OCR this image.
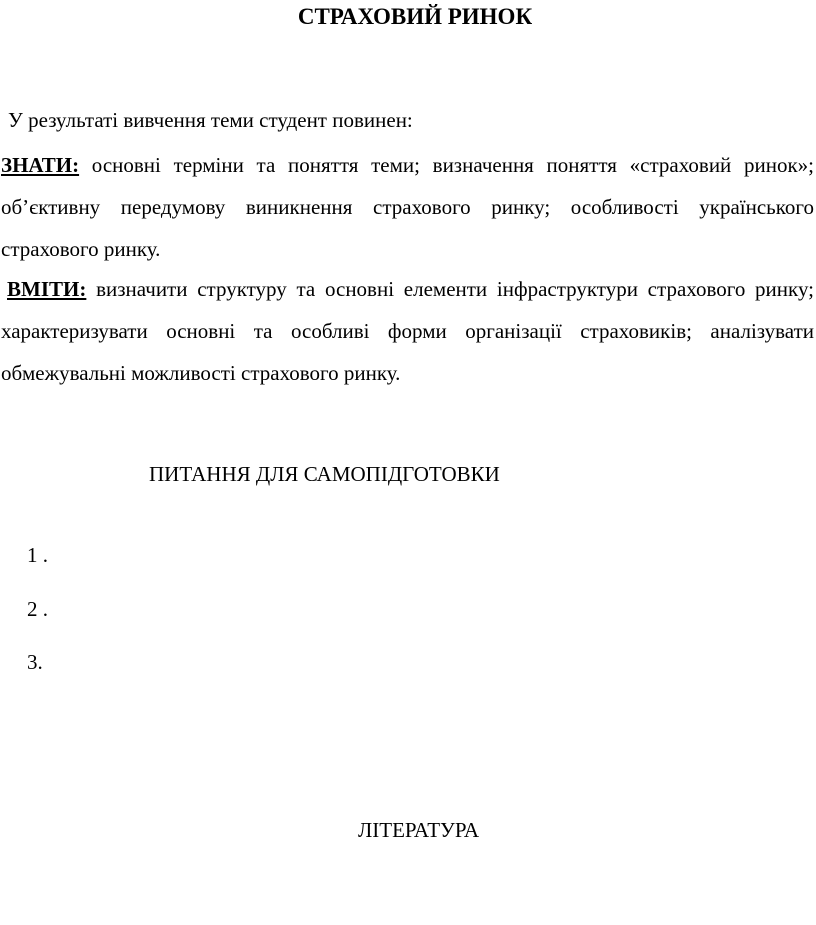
СТРАХОВИЙ РИНОК
У результаті вивчення теми студент повинен:
ЗНАТИ: основні терміни та поняття теми; визначення поняття «страховий ринок»; об’єктивну передумову виникнення страхового ринку; особливості українського страхового ринку.
ВМІТИ: визначити структуру та основні елементи інфраструктури страхового ринку; характеризувати основні та особливі форми організації страховиків; аналізувати обмежувальні можливості страхового ринку.
ПИТАННЯ ДЛЯ САМОПІДГОТОВКИ
1 .
2 .
3.
ЛІТЕРАТУРА
